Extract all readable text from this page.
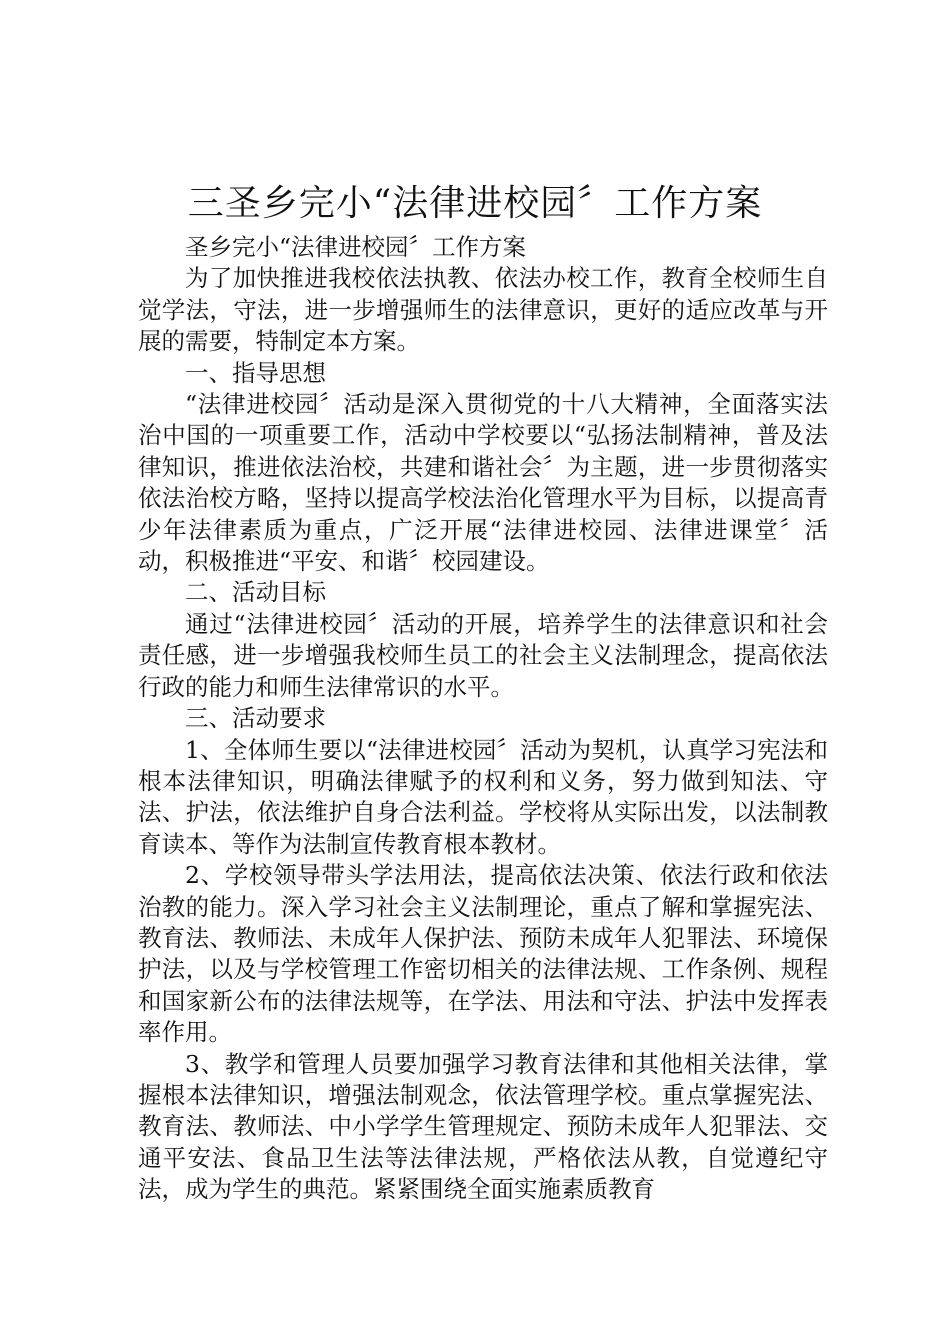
三圣乡完小“法律进校园〞工作方案

圣乡完小“法律进校园〞工作方案

为了加快推进我校依法执教、依法办校工作，教育全校师生自觉学法，守法，进一步增强师生的法律意识，更好的适应改革与开展的需要，特制定本方案。

一、指导思想

“法律进校园〞活动是深入贯彻党的十八大精神，全面落实法治中国的一项重要工作，活动中学校要以“弘扬法制精神，普及法律知识，推进依法治校，共建和谐社会〞为主题，进一步贯彻落实依法治校方略，坚持以提高学校法治化管理水平为目标，以提高青少年法律素质为重点，广泛开展“法律进校园、法律进课堂〞活动，积极推进“平安、和谐〞校园建设。

二、活动目标

通过“法律进校园〞活动的开展，培养学生的法律意识和社会责任感，进一步增强我校师生员工的社会主义法制理念，提高依法行政的能力和师生法律常识的水平。

三、活动要求

1、全体师生要以“法律进校园〞活动为契机，认真学习宪法和根本法律知识，明确法律赋予的权利和义务，努力做到知法、守法、护法，依法维护自身合法利益。学校将从实际出发，以法制教育读本、等作为法制宣传教育根本教材。

2、学校领导带头学法用法，提高依法决策、依法行政和依法治教的能力。深入学习社会主义法制理论，重点了解和掌握宪法、教育法、教师法、未成年人保护法、预防未成年人犯罪法、环境保护法，以及与学校管理工作密切相关的法律法规、工作条例、规程和国家新公布的法律法规等，在学法、用法和守法、护法中发挥表率作用。

3、教学和管理人员要加强学习教育法律和其他相关法律，掌握根本法律知识，增强法制观念，依法管理学校。重点掌握宪法、教育法、教师法、中小学学生管理规定、预防未成年人犯罪法、交通平安法、食品卫生法等法律法规，严格依法从教，自觉遵纪守法，成为学生的典范。紧紧围绕全面实施素质教育
